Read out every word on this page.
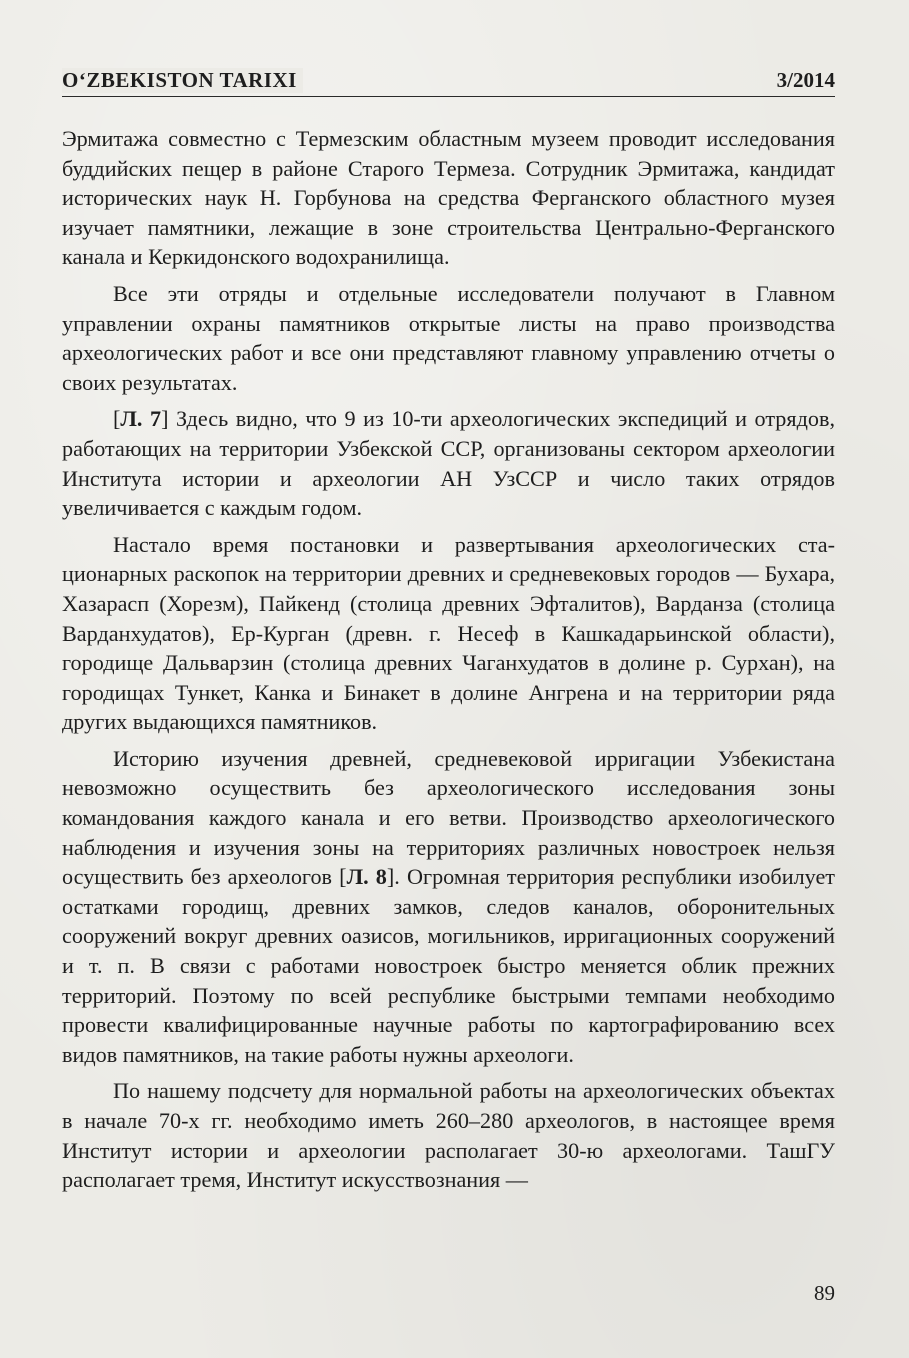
O‘ZBEKISTON TARIXI	3/2014

Эрмитажа совместно с Термезским областным музеем проводит исследования буддийских пещер в районе Старого Термеза. Сотрудник Эрмитажа, кандидат исторических наук Н. Горбунова на средства Ферганского областного музея изучает памятники, лежащие в зоне строительства Центрально-Ферганского канала и Керкидонского водохранилища.

Все эти отряды и отдельные исследователи получают в Главном управлении охраны памятников открытые листы на право производства археологических работ и все они представляют главному управлению отчеты о своих результатах.

[Л. 7] Здесь видно, что 9 из 10-ти археологических экспедиций и отрядов, работающих на территории Узбекской ССР, организованы сектором археологии Института истории и археологии АН УзССР и число таких отрядов увеличивается с каждым годом.

Настало время постановки и развертывания археологических стационарных раскопок на территории древних и средневековых городов — Бухара, Хазарасп (Хорезм), Пайкенд (столица древних Эфталитов), Варданза (столица Варданхудатов), Ер-Курган (древн. г. Несеф в Кашкадарьинской области), городище Дальварзин (столица древних Чаганхудатов в долине р. Сурхан), на городищах Тункет, Канка и Бинакет в долине Ангрена и на территории ряда других выдающихся памятников.

Историю изучения древней, средневековой ирригации Узбекистана невозможно осуществить без археологического исследования зоны командования каждого канала и его ветви. Производство археологического наблюдения и изучения зоны на территориях различных новостроек нельзя осуществить без археологов [Л. 8]. Огромная территория республики изобилует остатками городищ, древних замков, следов каналов, оборонительных сооружений вокруг древних оазисов, могильников, ирригационных сооружений и т. п. В связи с работами новостроек быстро меняется облик прежних территорий. Поэтому по всей республике быстрыми темпами необходимо провести квалифицированные научные работы по картографированию всех видов памятников, на такие работы нужны археологи.

По нашему подсчету для нормальной работы на археологических объектах в начале 70-х гг. необходимо иметь 260–280 археологов, в настоящее время Институт истории и археологии располагает 30-ю археологами. ТашГУ располагает тремя, Институт искусствознания —

89
